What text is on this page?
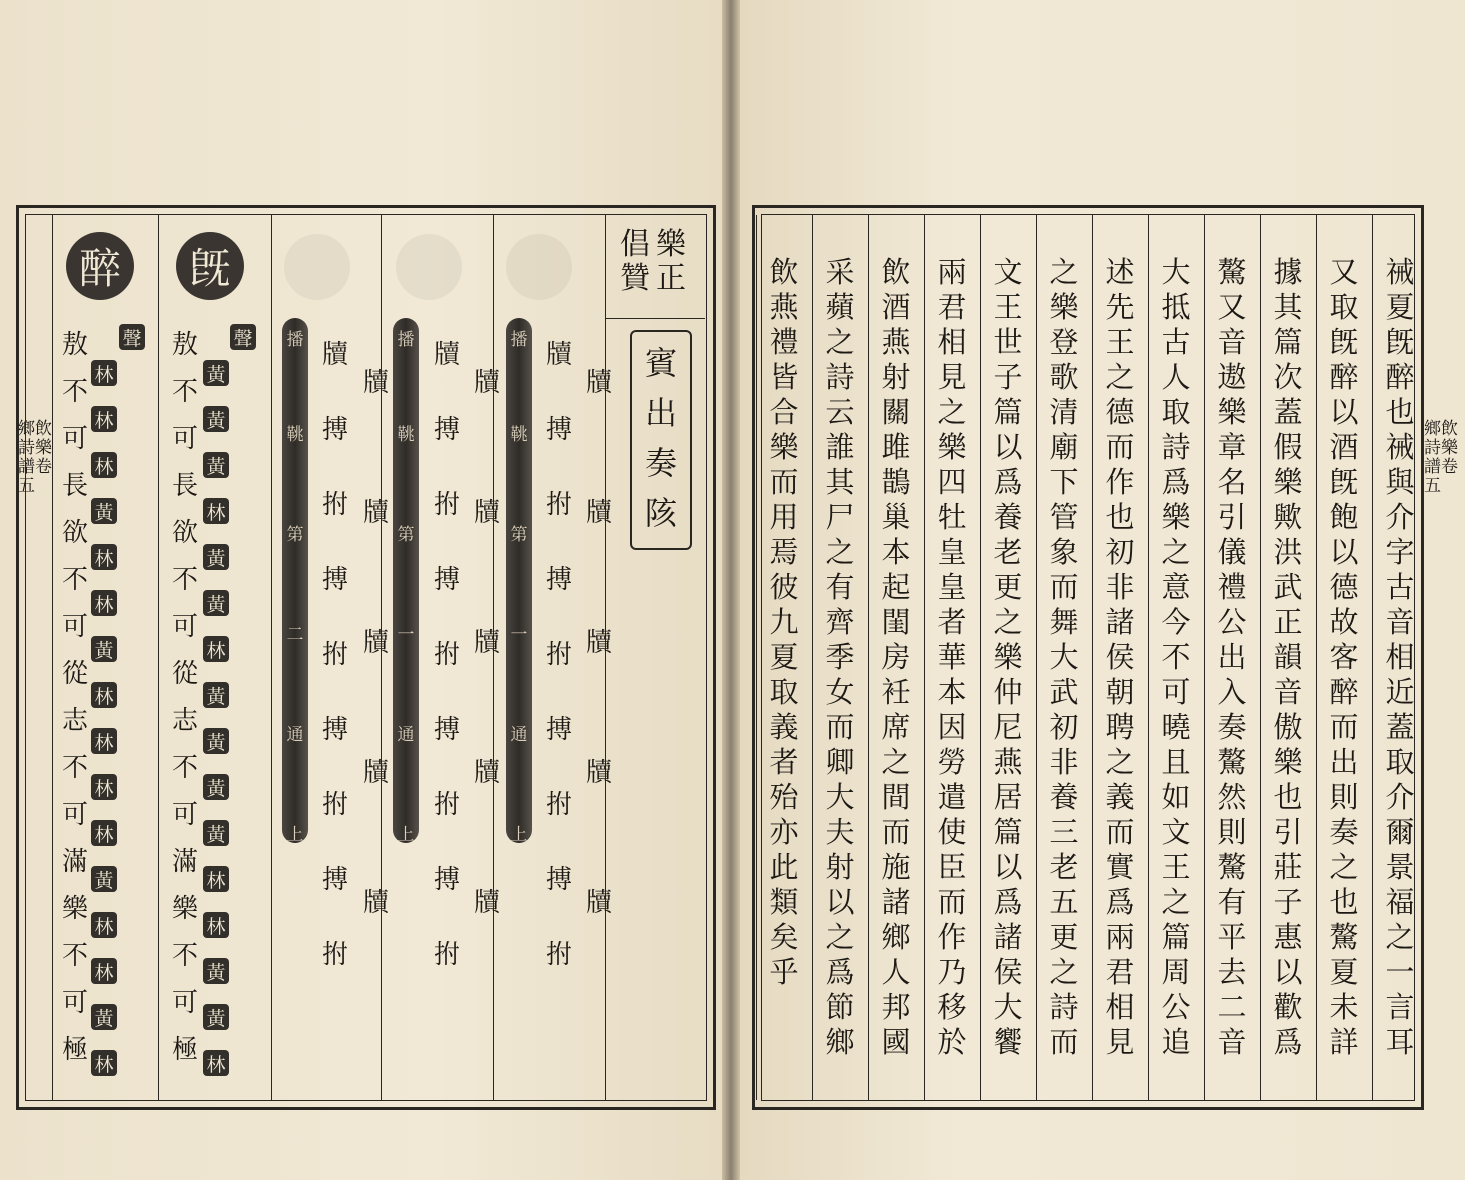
鄉飲詩樂譜卷五
樂
正
倡
贊
賓
出
奏
陔
醉	旣
聲	聲
敖
不
可
長
欲
不
可
從
志
不
可
滿
樂
不
可
極
敖
不
可
長
欲
不
可
從
志
不
可
滿
樂
不
可
極
林
林
林
黃
林
林
黃
林
林
林
林
黃
林
林
黃
林
黃
黃
黃
林
黃
黃
林
黃
黃
黃
黃
林
林
黃
黃
林
播
鞉
第
二
通
上
播
鞉
第
一
通
上
播
鞉
第
一
通
上
牘
搏
拊
搏
拊
搏
拊
搏
拊
牘
牘
牘
牘
牘
牘
搏
拊
搏
拊
搏
拊
搏
拊
牘
牘
牘
牘
牘
牘
搏
拊
搏
拊
搏
拊
搏
拊
牘
牘
牘
牘
牘
鄉飲詩樂譜卷五
祴
夏
旣
醉
也
祴
與
介
字
古
音
相
近
蓋
取
介
爾
景
福
之
一
言
耳
又
取
旣
醉
以
酒
旣
飽
以
德
故
客
醉
而
出
則
奏
之
也
驁
夏
未
詳
據
其
篇
次
蓋
假
樂
歟
洪
武
正
韻
音
傲
樂
也
引
莊
子
惠
以
歡
爲
驁
又
音
遨
樂
章
名
引
儀
禮
公
出
入
奏
驁
然
則
驁
有
平
去
二
音
大
抵
古
人
取
詩
爲
樂
之
意
今
不
可
曉
且
如
文
王
之
篇
周
公
追
述
先
王
之
德
而
作
也
初
非
諸
侯
朝
聘
之
義
而
實
爲
兩
君
相
見
之
樂
登
歌
清
廟
下
管
象
而
舞
大
武
初
非
養
三
老
五
更
之
詩
而
文
王
世
子
篇
以
爲
養
老
更
之
樂
仲
尼
燕
居
篇
以
爲
諸
侯
大
饗
兩
君
相
見
之
樂
四
牡
皇
皇
者
華
本
因
勞
遣
使
臣
而
作
乃
移
於
飲
酒
燕
射
關
雎
鵲
巢
本
起
閨
房
衽
席
之
間
而
施
諸
鄉
人
邦
國
采
蘋
之
詩
云
誰
其
尸
之
有
齊
季
女
而
卿
大
夫
射
以
之
爲
節
鄉
飲
燕
禮
皆
合
樂
而
用
焉
彼
九
夏
取
義
者
殆
亦
此
類
矣
乎
